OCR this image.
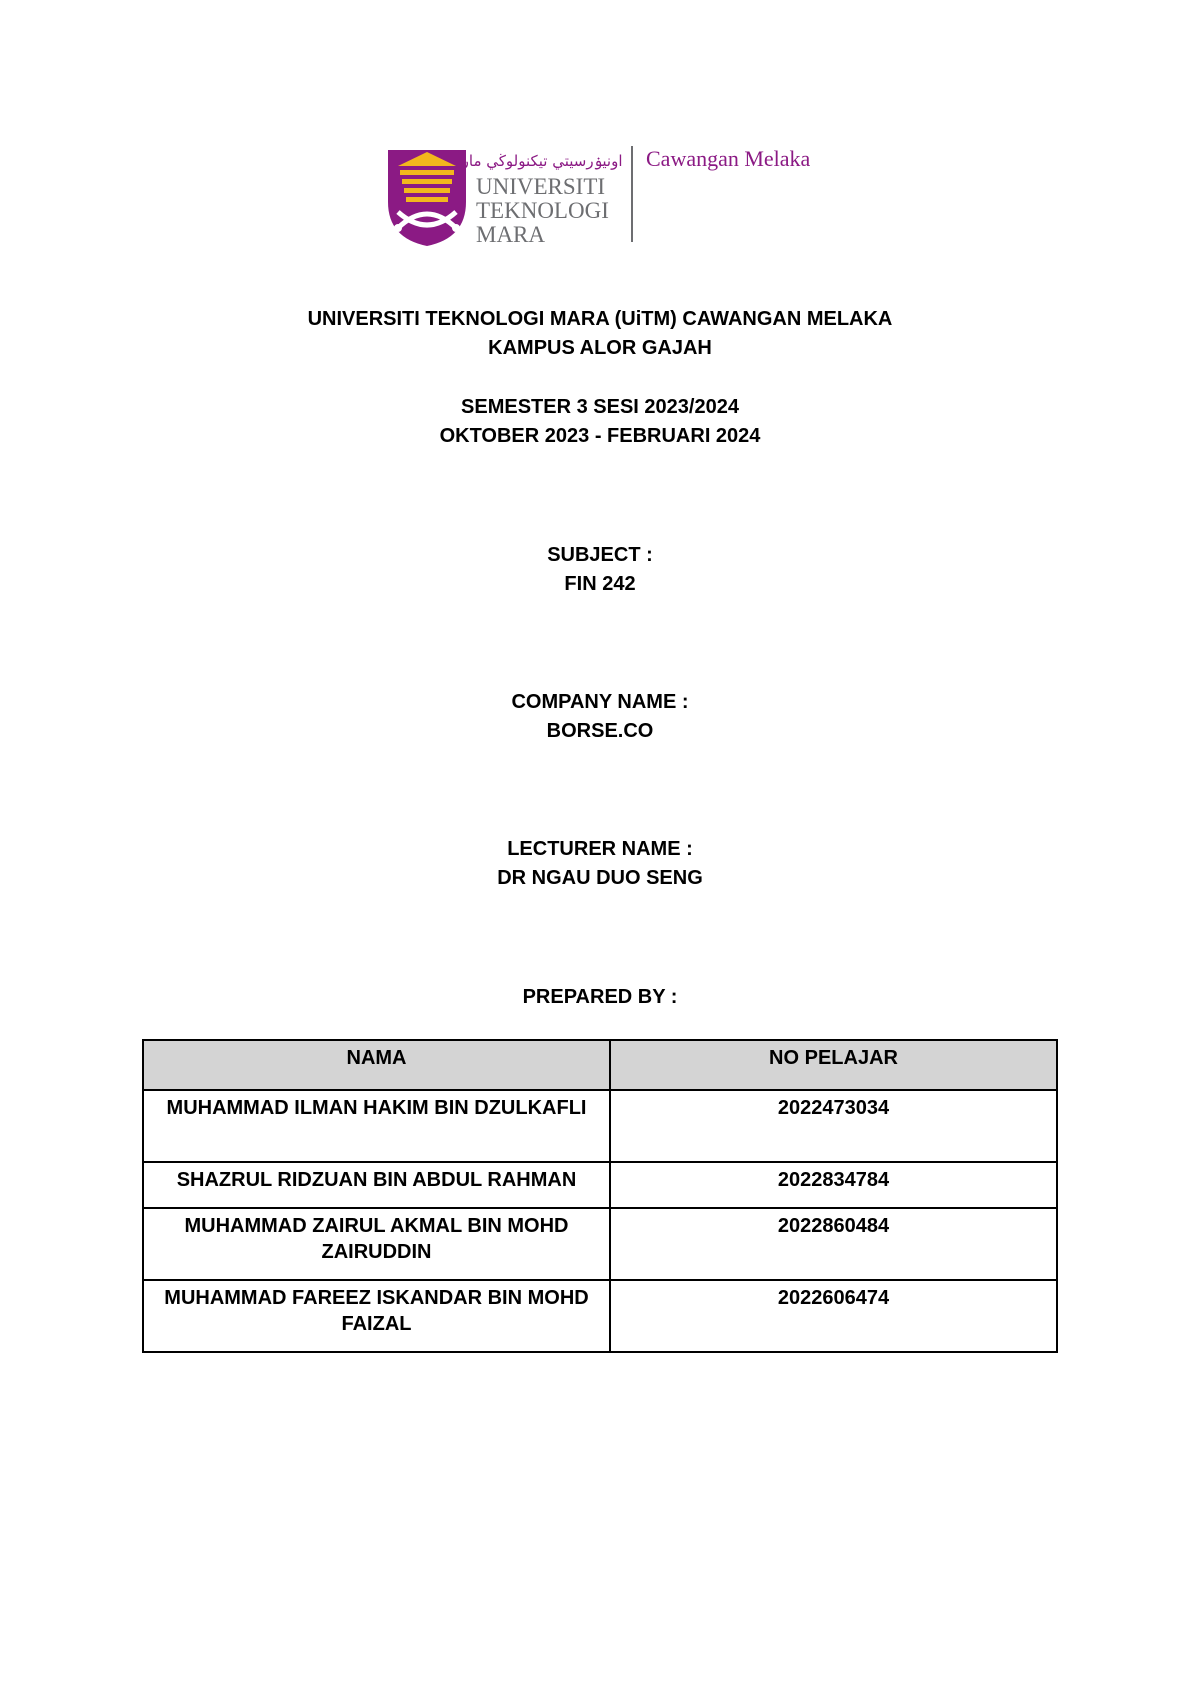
اونيۏرسيتي تيكنولوڬي مارا
UNIVERSITI
TEKNOLOGI
MARA
Cawangan Melaka
UNIVERSITI TEKNOLOGI MARA (UiTM) CAWANGAN MELAKA
KAMPUS ALOR GAJAH
SEMESTER 3 SESI 2023/2024
OKTOBER 2023 - FEBRUARI 2024
SUBJECT :
FIN 242
COMPANY NAME :
BORSE.CO
LECTURER NAME :
DR NGAU DUO SENG
PREPARED BY :
NAMA	NO PELAJAR
MUHAMMAD ILMAN HAKIM BIN DZULKAFLI	2022473034
SHAZRUL RIDZUAN BIN ABDUL RAHMAN	2022834784
MUHAMMAD ZAIRUL AKMAL BIN MOHD ZAIRUDDIN	2022860484
MUHAMMAD FAREEZ ISKANDAR BIN MOHD FAIZAL	2022606474
